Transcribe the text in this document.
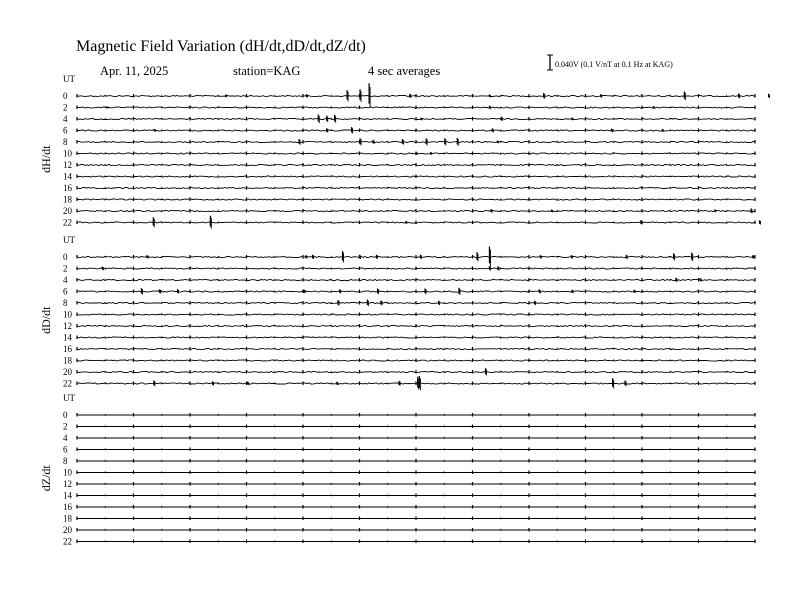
Magnetic Field Variation (dH/dt,dD/dt,dZ/dt)
Apr. 11, 2025	station=KAG	4 sec averages	0.040V (0.1 V/nT at 0.1 Hz at KAG)
UT
dH/dt
0
2
4
6
8
10
12
14
16
18
20
22
UT
dD/dt
0
2
4
6
8
10
12
14
16
18
20
22
UT
dZ/dt
0
2
4
6
8
10
12
14
16
18
20
22
